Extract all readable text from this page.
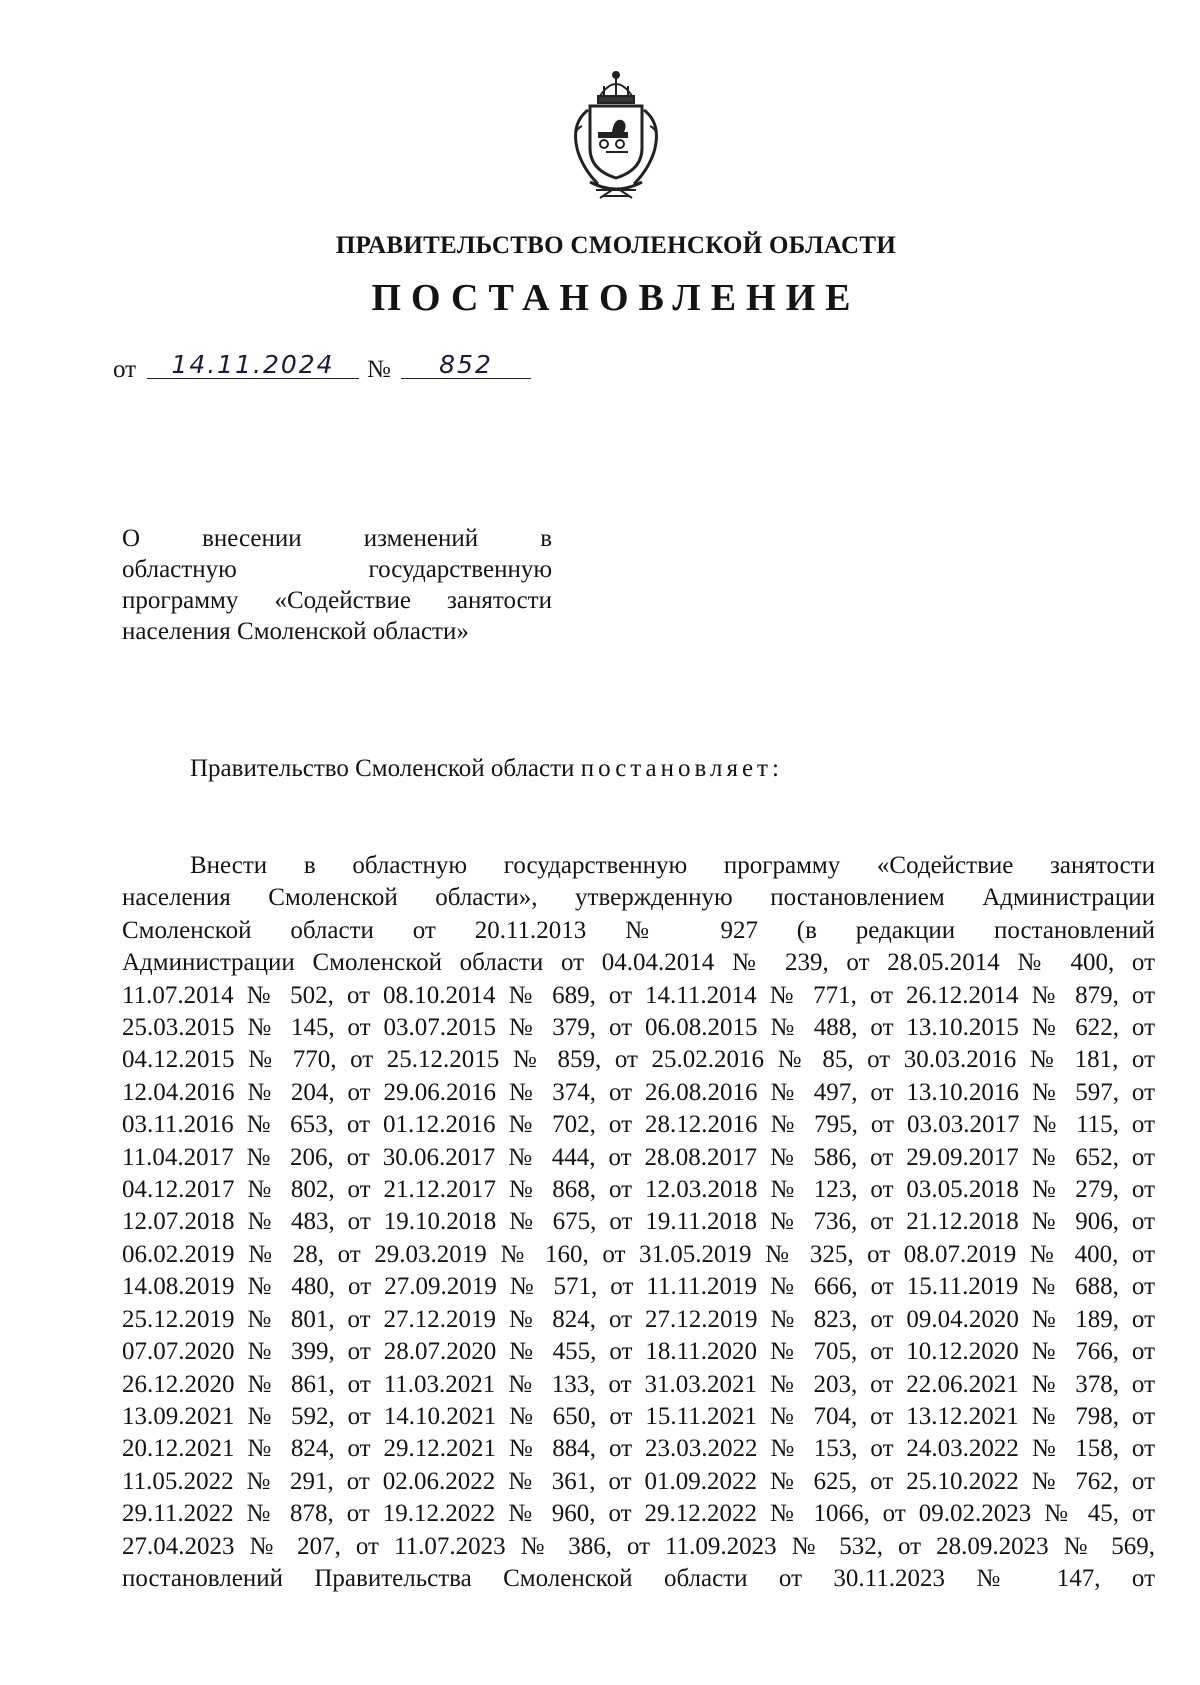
ПРАВИТЕЛЬСТВО СМОЛЕНСКОЙ ОБЛАСТИ
ПОСТАНОВЛЕНИЕ
от	14.11.2024	№	852
О внесении изменений в
областную государственную
программу «Содействие занятости
населения Смоленской области»
Правительство Смоленской области постановляет:
Внести в областную государственную программу «Содействие занятости
населения Смоленской области», утвержденную постановлением Администрации
Смоленской области от 20.11.2013 № 927 (в редакции постановлений
Администрации Смоленской области от 04.04.2014 № 239, от 28.05.2014 № 400, от
11.07.2014 № 502, от 08.10.2014 № 689, от 14.11.2014 № 771, от 26.12.2014 № 879, от
25.03.2015 № 145, от 03.07.2015 № 379, от 06.08.2015 № 488, от 13.10.2015 № 622, от
04.12.2015 № 770, от 25.12.2015 № 859, от 25.02.2016 № 85, от 30.03.2016 № 181, от
12.04.2016 № 204, от 29.06.2016 № 374, от 26.08.2016 № 497, от 13.10.2016 № 597, от
03.11.2016 № 653, от 01.12.2016 № 702, от 28.12.2016 № 795, от 03.03.2017 № 115, от
11.04.2017 № 206, от 30.06.2017 № 444, от 28.08.2017 № 586, от 29.09.2017 № 652, от
04.12.2017 № 802, от 21.12.2017 № 868, от 12.03.2018 № 123, от 03.05.2018 № 279, от
12.07.2018 № 483, от 19.10.2018 № 675, от 19.11.2018 № 736, от 21.12.2018 № 906, от
06.02.2019 № 28, от 29.03.2019 № 160, от 31.05.2019 № 325, от 08.07.2019 № 400, от
14.08.2019 № 480, от 27.09.2019 № 571, от 11.11.2019 № 666, от 15.11.2019 № 688, от
25.12.2019 № 801, от 27.12.2019 № 824, от 27.12.2019 № 823, от 09.04.2020 № 189, от
07.07.2020 № 399, от 28.07.2020 № 455, от 18.11.2020 № 705, от 10.12.2020 № 766, от
26.12.2020 № 861, от 11.03.2021 № 133, от 31.03.2021 № 203, от 22.06.2021 № 378, от
13.09.2021 № 592, от 14.10.2021 № 650, от 15.11.2021 № 704, от 13.12.2021 № 798, от
20.12.2021 № 824, от 29.12.2021 № 884, от 23.03.2022 № 153, от 24.03.2022 № 158, от
11.05.2022 № 291, от 02.06.2022 № 361, от 01.09.2022 № 625, от 25.10.2022 № 762, от
29.11.2022 № 878, от 19.12.2022 № 960, от 29.12.2022 № 1066, от 09.02.2023 № 45, от
27.04.2023 № 207, от 11.07.2023 № 386, от 11.09.2023 № 532, от 28.09.2023 № 569,
постановлений Правительства Смоленской области от 30.11.2023 № 147, от
